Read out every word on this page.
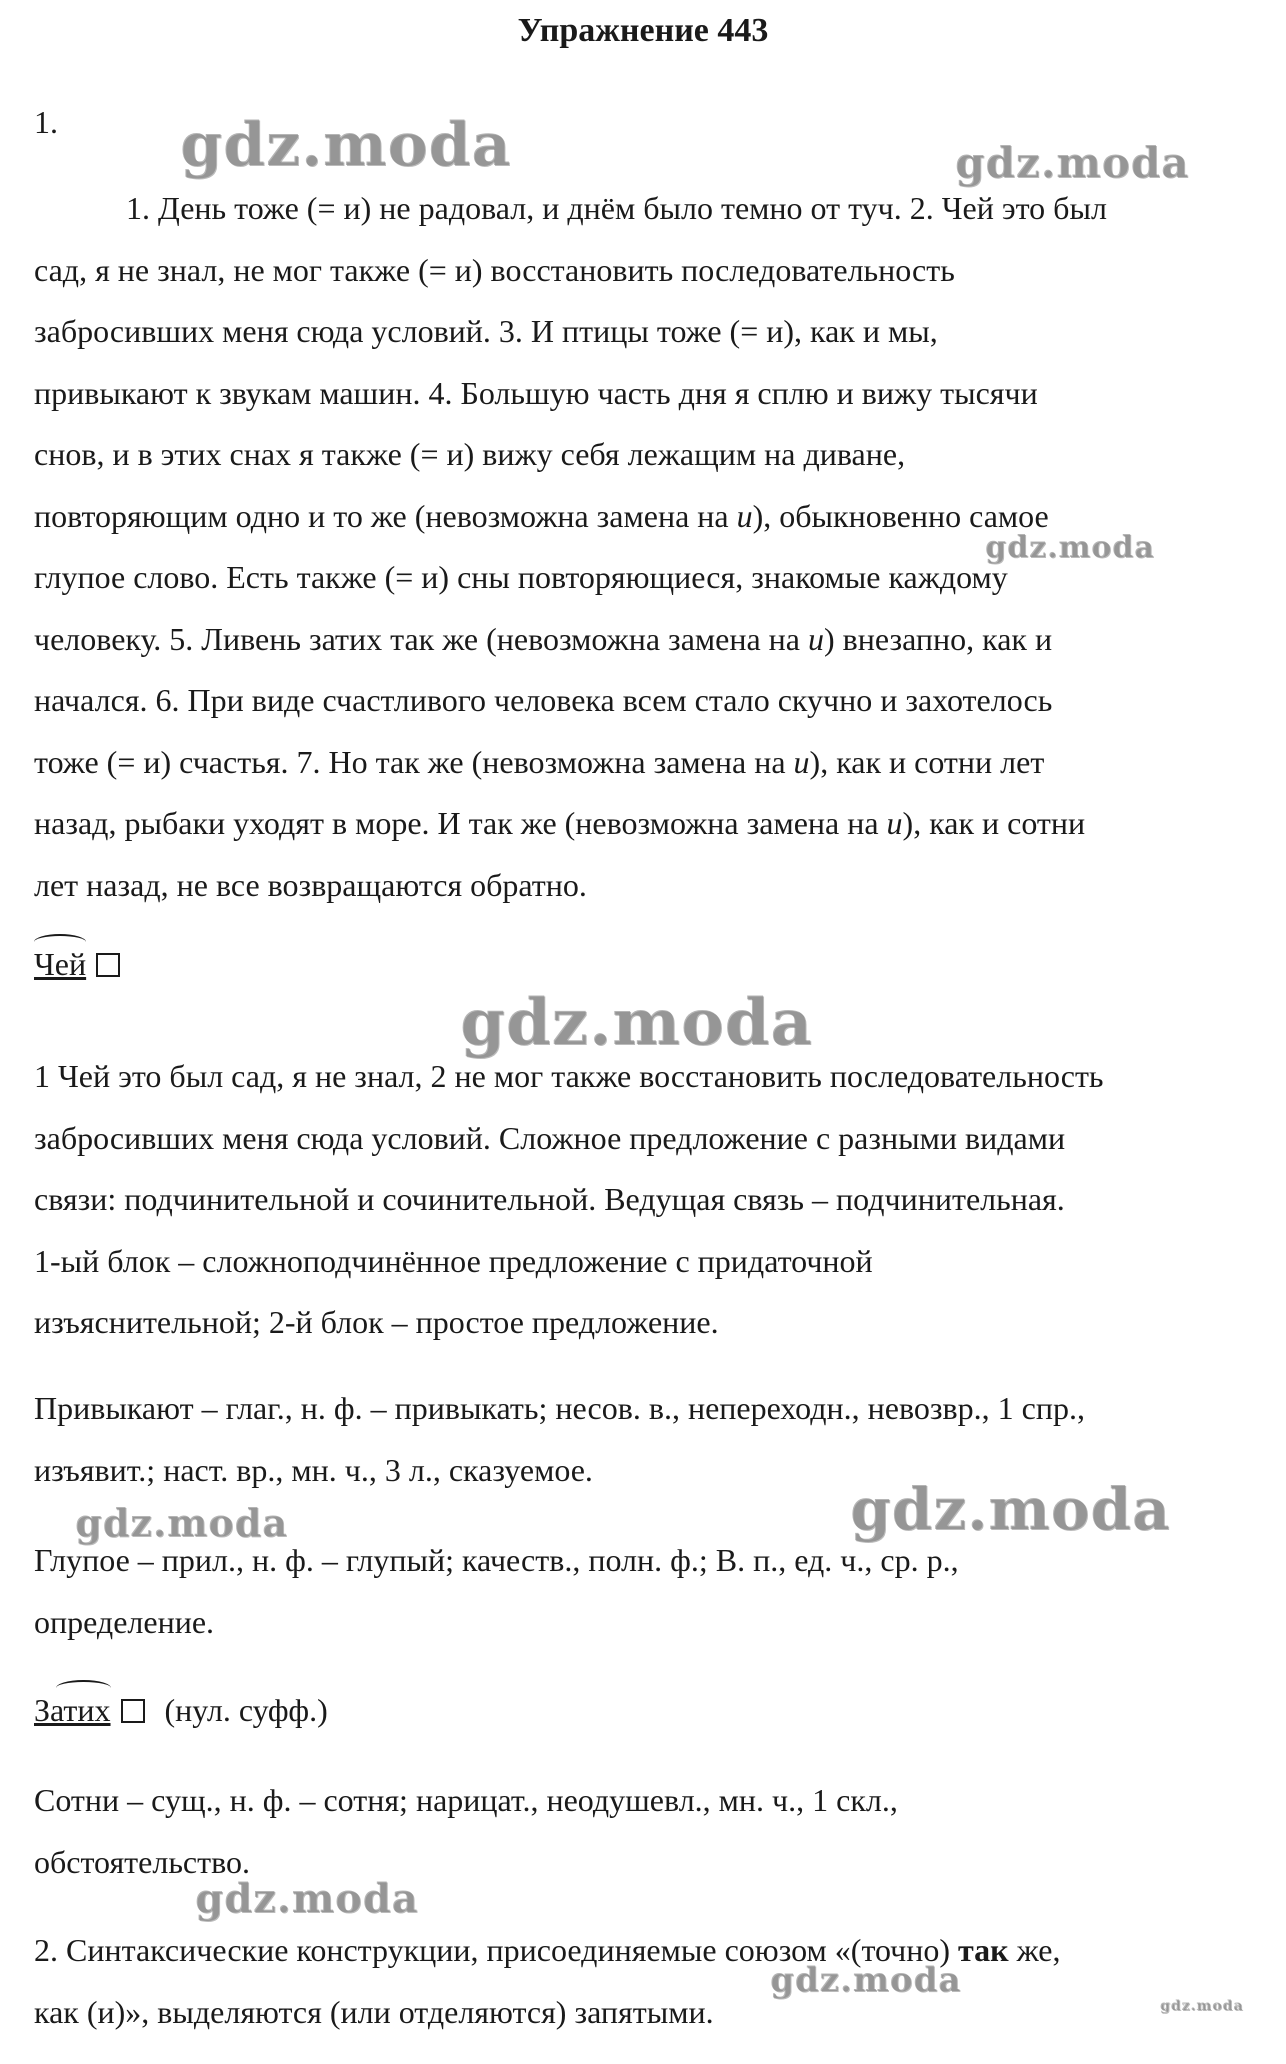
Упражнение 443
1. gdz.moda	gdz.moda
gdz.moda
gdz.moda
gdz.moda
gdz.moda
gdz.moda
gdz.moda
gdz.moda
1. День тоже (= и) не радовал, и днём было темно от туч. 2. Чей это был
сад, я не знал, не мог также (= и) восстановить последовательность
забросивших меня сюда условий. 3. И птицы тоже (= и), как и мы,
привыкают к звукам машин. 4. Большую часть дня я сплю и вижу тысячи
снов, и в этих снах я также (= и) вижу себя лежащим на диване,
повторяющим одно и то же (невозможна замена на и), обыкновенно самое
глупое слово. Есть также (= и) сны повторяющиеся, знакомые каждому
человеку. 5. Ливень затих так же (невозможна замена на и) внезапно, как и
начался. 6. При виде счастливого человека всем стало скучно и захотелось
тоже (= и) счастья. 7. Но так же (невозможна замена на и), как и сотни лет
назад, рыбаки уходят в море. И так же (невозможна замена на и), как и сотни
лет назад, не все возвращаются обратно.
Чей
1 Чей это был сад, я не знал, 2 не мог также восстановить последовательность
забросивших меня сюда условий. Сложное предложение с разными видами
связи: подчинительной и сочинительной. Ведущая связь – подчинительная.
1-ый блок – сложноподчинённое предложение с придаточной
изъяснительной; 2-й блок – простое предложение.
Привыкают – глаг., н. ф. – привыкать; несов. в., непереходн., невозвр., 1 спр.,
изъявит.; наст. вр., мн. ч., 3 л., сказуемое.
Глупое – прил., н. ф. – глупый; качеств., полн. ф.; В. п., ед. ч., ср. р.,
определение.
Затих (нул. суфф.)
Сотни – сущ., н. ф. – сотня; нарицат., неодушевл., мн. ч., 1 скл.,
обстоятельство.
2. Синтаксические конструкции, присоединяемые союзом «(точно) так же,
как (и)», выделяются (или отделяются) запятыми.
